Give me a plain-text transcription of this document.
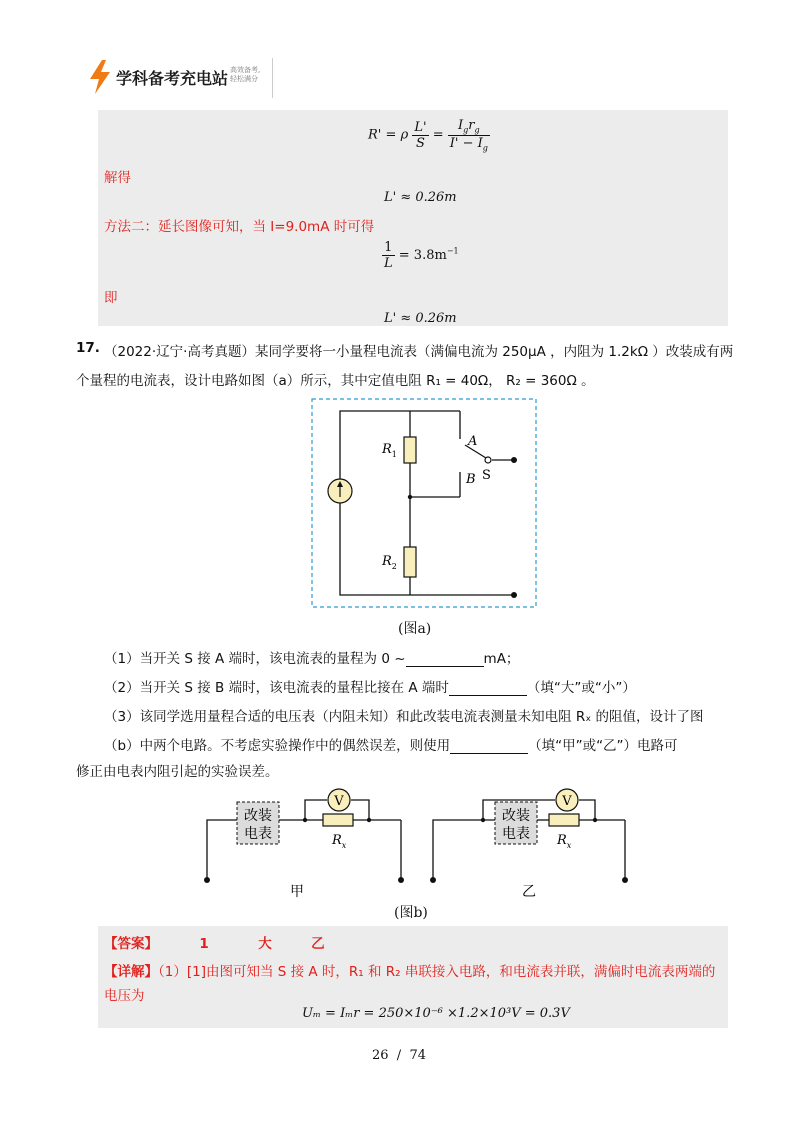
学科备考充电站 高效备考,
轻松满分
R' = ρ $\frac{L'}{S} = \frac{I_gr_g}{I' - I_g}$
解得
L' ≈ 0.26m
方法二：延长图像可知，当 I=9.0mA 时可得
$\frac{1}{L} = 3.8m^{-1}$
即
L' ≈ 0.26m
17. （2022·辽宁·高考真题）某同学要将一小量程电流表（满偏电流为 250μA ，内阻为 1.2kΩ ）改装成有两
个量程的电流表，设计电路如图（a）所示，其中定值电阻 R₁ = 40Ω， R₂ = 360Ω 。
$R_1$
$R_2$
A
B S
(图a)
（1）当开关 S 接 A 端时，该电流表的量程为 0 ~	mA；
（2）当开关 S 接 B 端时，该电流表的量程比接在 A 端时	（填“大”或“小”）
（3）该同学选用量程合适的电压表（内阻未知）和此改装电流表测量未知电阻 Rₓ 的阻值，设计了图
（b）中两个电路。不考虑实验操作中的偶然误差，则使用	（填“甲”或“乙”）电路可
修正由电表内阻引起的实验误差。
改装
电表
V
$R_x$
甲
改装
电表
V
$R_x$
乙
(图b)
【答案】	1	大	乙
【详解】（1）[1]由图可知当 S 接 A 时，R₁ 和 R₂ 串联接入电路，和电流表并联，满偏时电流表两端的
电压为
Uₘ = Iₘr = 250×10⁻⁶ ×1.2×10³V = 0.3V
26  /  74
